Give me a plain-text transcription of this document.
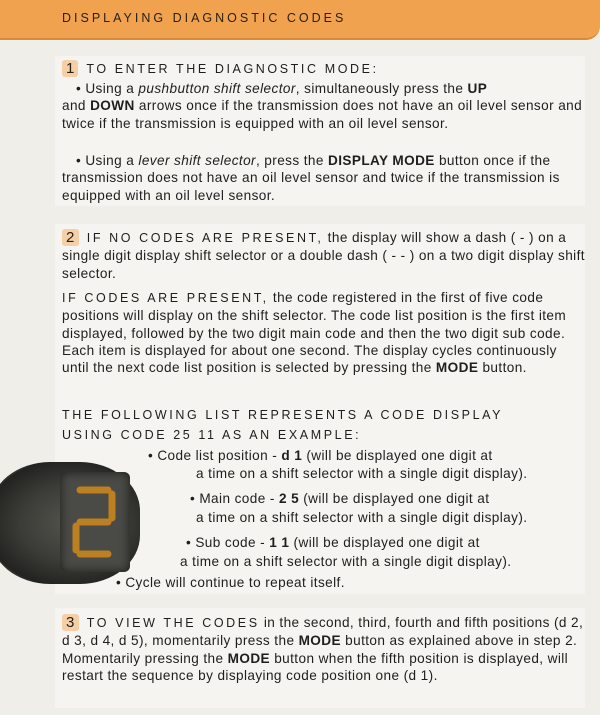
DISPLAYING DIAGNOSTIC CODES
1 TO ENTER THE DIAGNOSTIC MODE:
• Using a pushbutton shift selector, simultaneously press the UP
and DOWN arrows once if the transmission does not have an oil level sensor and twice if the transmission is equipped with an oil level sensor.
• Using a lever shift selector, press the DISPLAY MODE button once if the transmission does not have an oil level sensor and twice if the transmission is equipped with an oil level sensor.
2 IF NO CODES ARE PRESENT, the display will show a dash ( - ) on a single digit display shift selector or a double dash ( - - ) on a two digit display shift selector.
IF CODES ARE PRESENT, the code registered in the first of five code positions will display on the shift selector. The code list position is the first item displayed, followed by the two digit main code and then the two digit sub code. Each item is displayed for about one second. The display cycles continuously until the next code list position is selected by pressing the MODE button.
THE FOLLOWING LIST REPRESENTS A CODE DISPLAY USING CODE 25 11 AS AN EXAMPLE:
• Code list position - d 1 (will be displayed one digit at
a time on a shift selector with a single digit display).
• Main code - 2 5 (will be displayed one digit at
a time on a shift selector with a single digit display).
• Sub code - 1 1 (will be displayed one digit at
a time on a shift selector with a single digit display).
• Cycle will continue to repeat itself.
3 TO VIEW THE CODES in the second, third, fourth and fifth positions (d 2, d 3, d 4, d 5), momentarily press the MODE button as explained above in step 2. Momentarily pressing the MODE button when the fifth position is displayed, will restart the sequence by displaying code position one (d 1).
